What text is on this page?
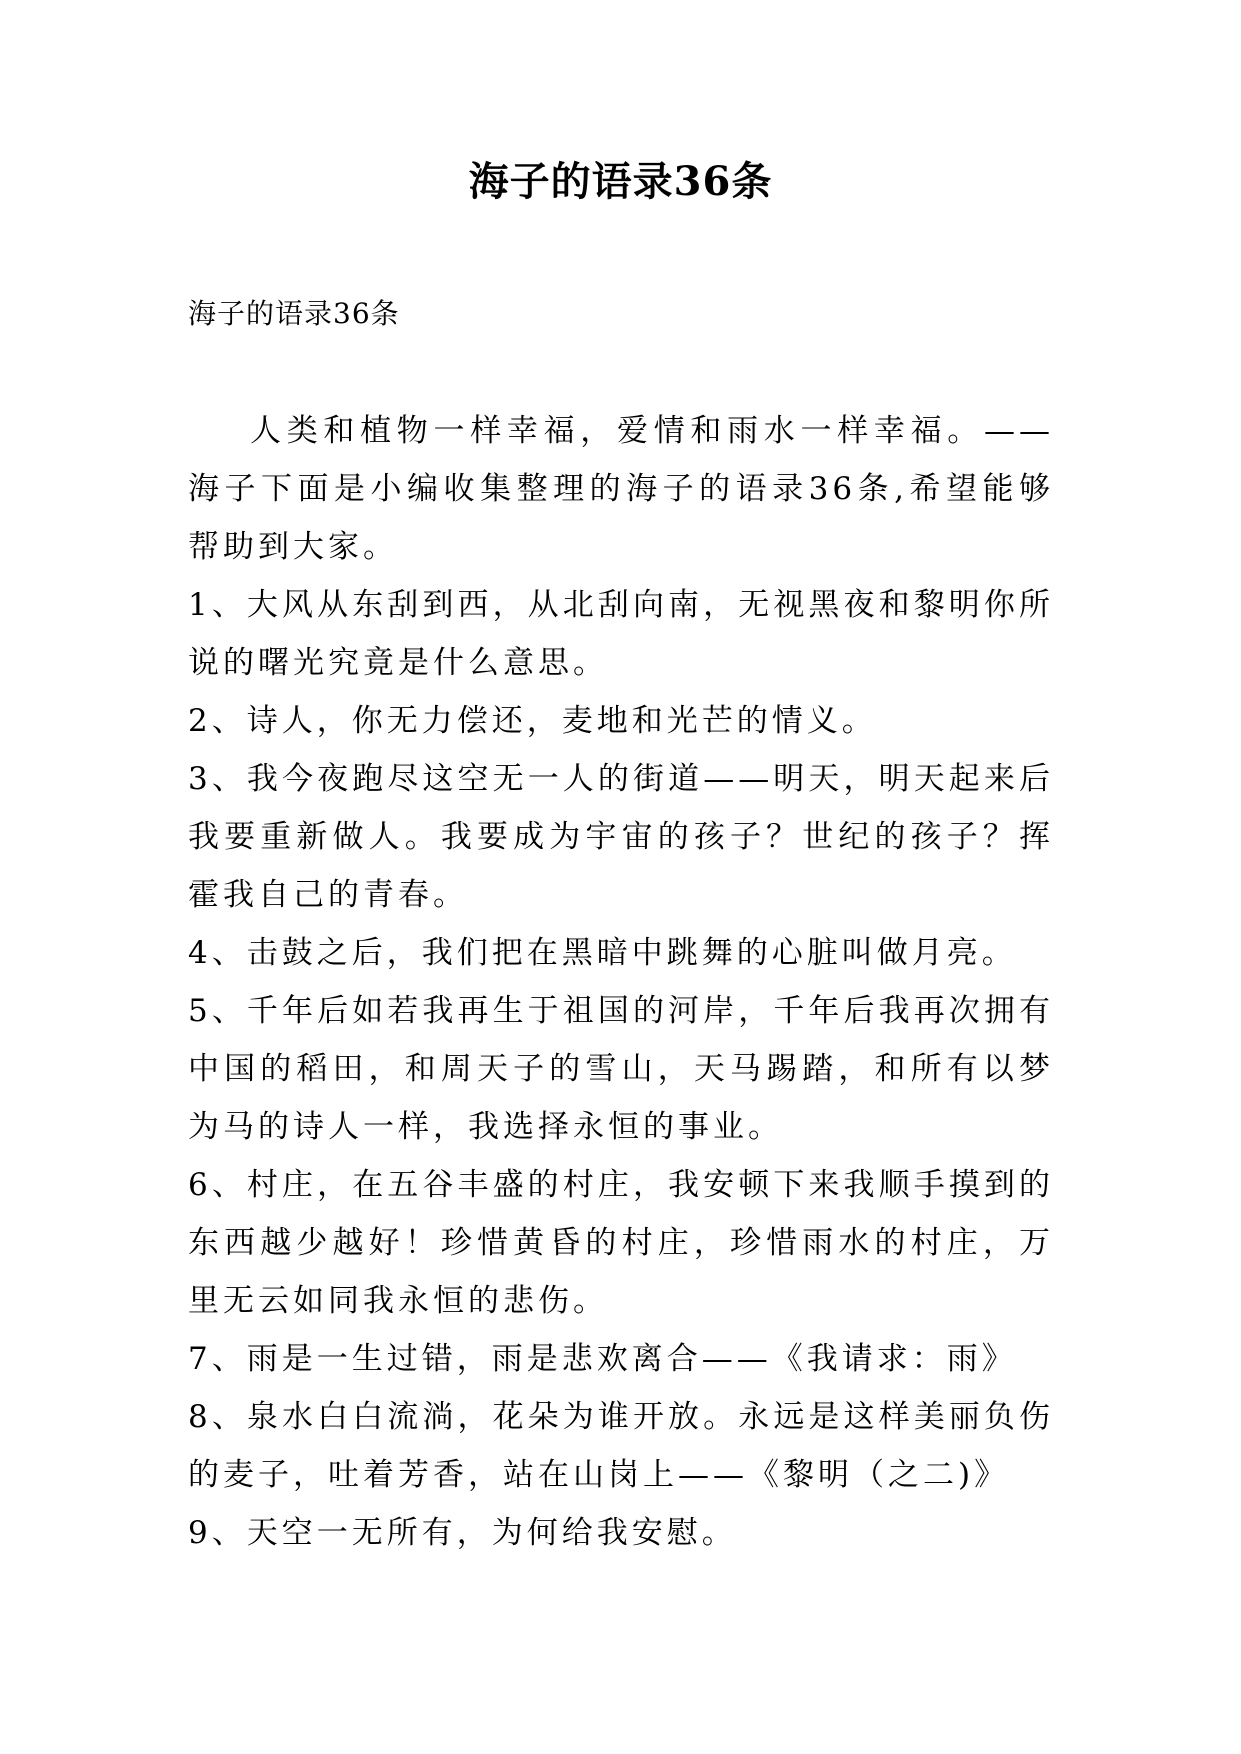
海子的语录36条

海子的语录36条

人类和植物一样幸福，爱情和雨水一样幸福。——海子下面是小编收集整理的海子的语录36条,希望能够帮助到大家。

1、大风从东刮到西，从北刮向南，无视黑夜和黎明你所说的曙光究竟是什么意思。

2、诗人，你无力偿还，麦地和光芒的情义。

3、我今夜跑尽这空无一人的街道——明天，明天起来后我要重新做人。我要成为宇宙的孩子？世纪的孩子？挥霍我自己的青春。

4、击鼓之后，我们把在黑暗中跳舞的心脏叫做月亮。

5、千年后如若我再生于祖国的河岸，千年后我再次拥有中国的稻田，和周天子的雪山，天马踢踏，和所有以梦为马的诗人一样，我选择永恒的事业。

6、村庄，在五谷丰盛的村庄，我安顿下来我顺手摸到的东西越少越好！珍惜黄昏的村庄，珍惜雨水的村庄，万里无云如同我永恒的悲伤。

7、雨是一生过错，雨是悲欢离合——《我请求：雨》

8、泉水白白流淌，花朵为谁开放。永远是这样美丽负伤的麦子，吐着芳香，站在山岗上——《黎明（之二)》

9、天空一无所有，为何给我安慰。
